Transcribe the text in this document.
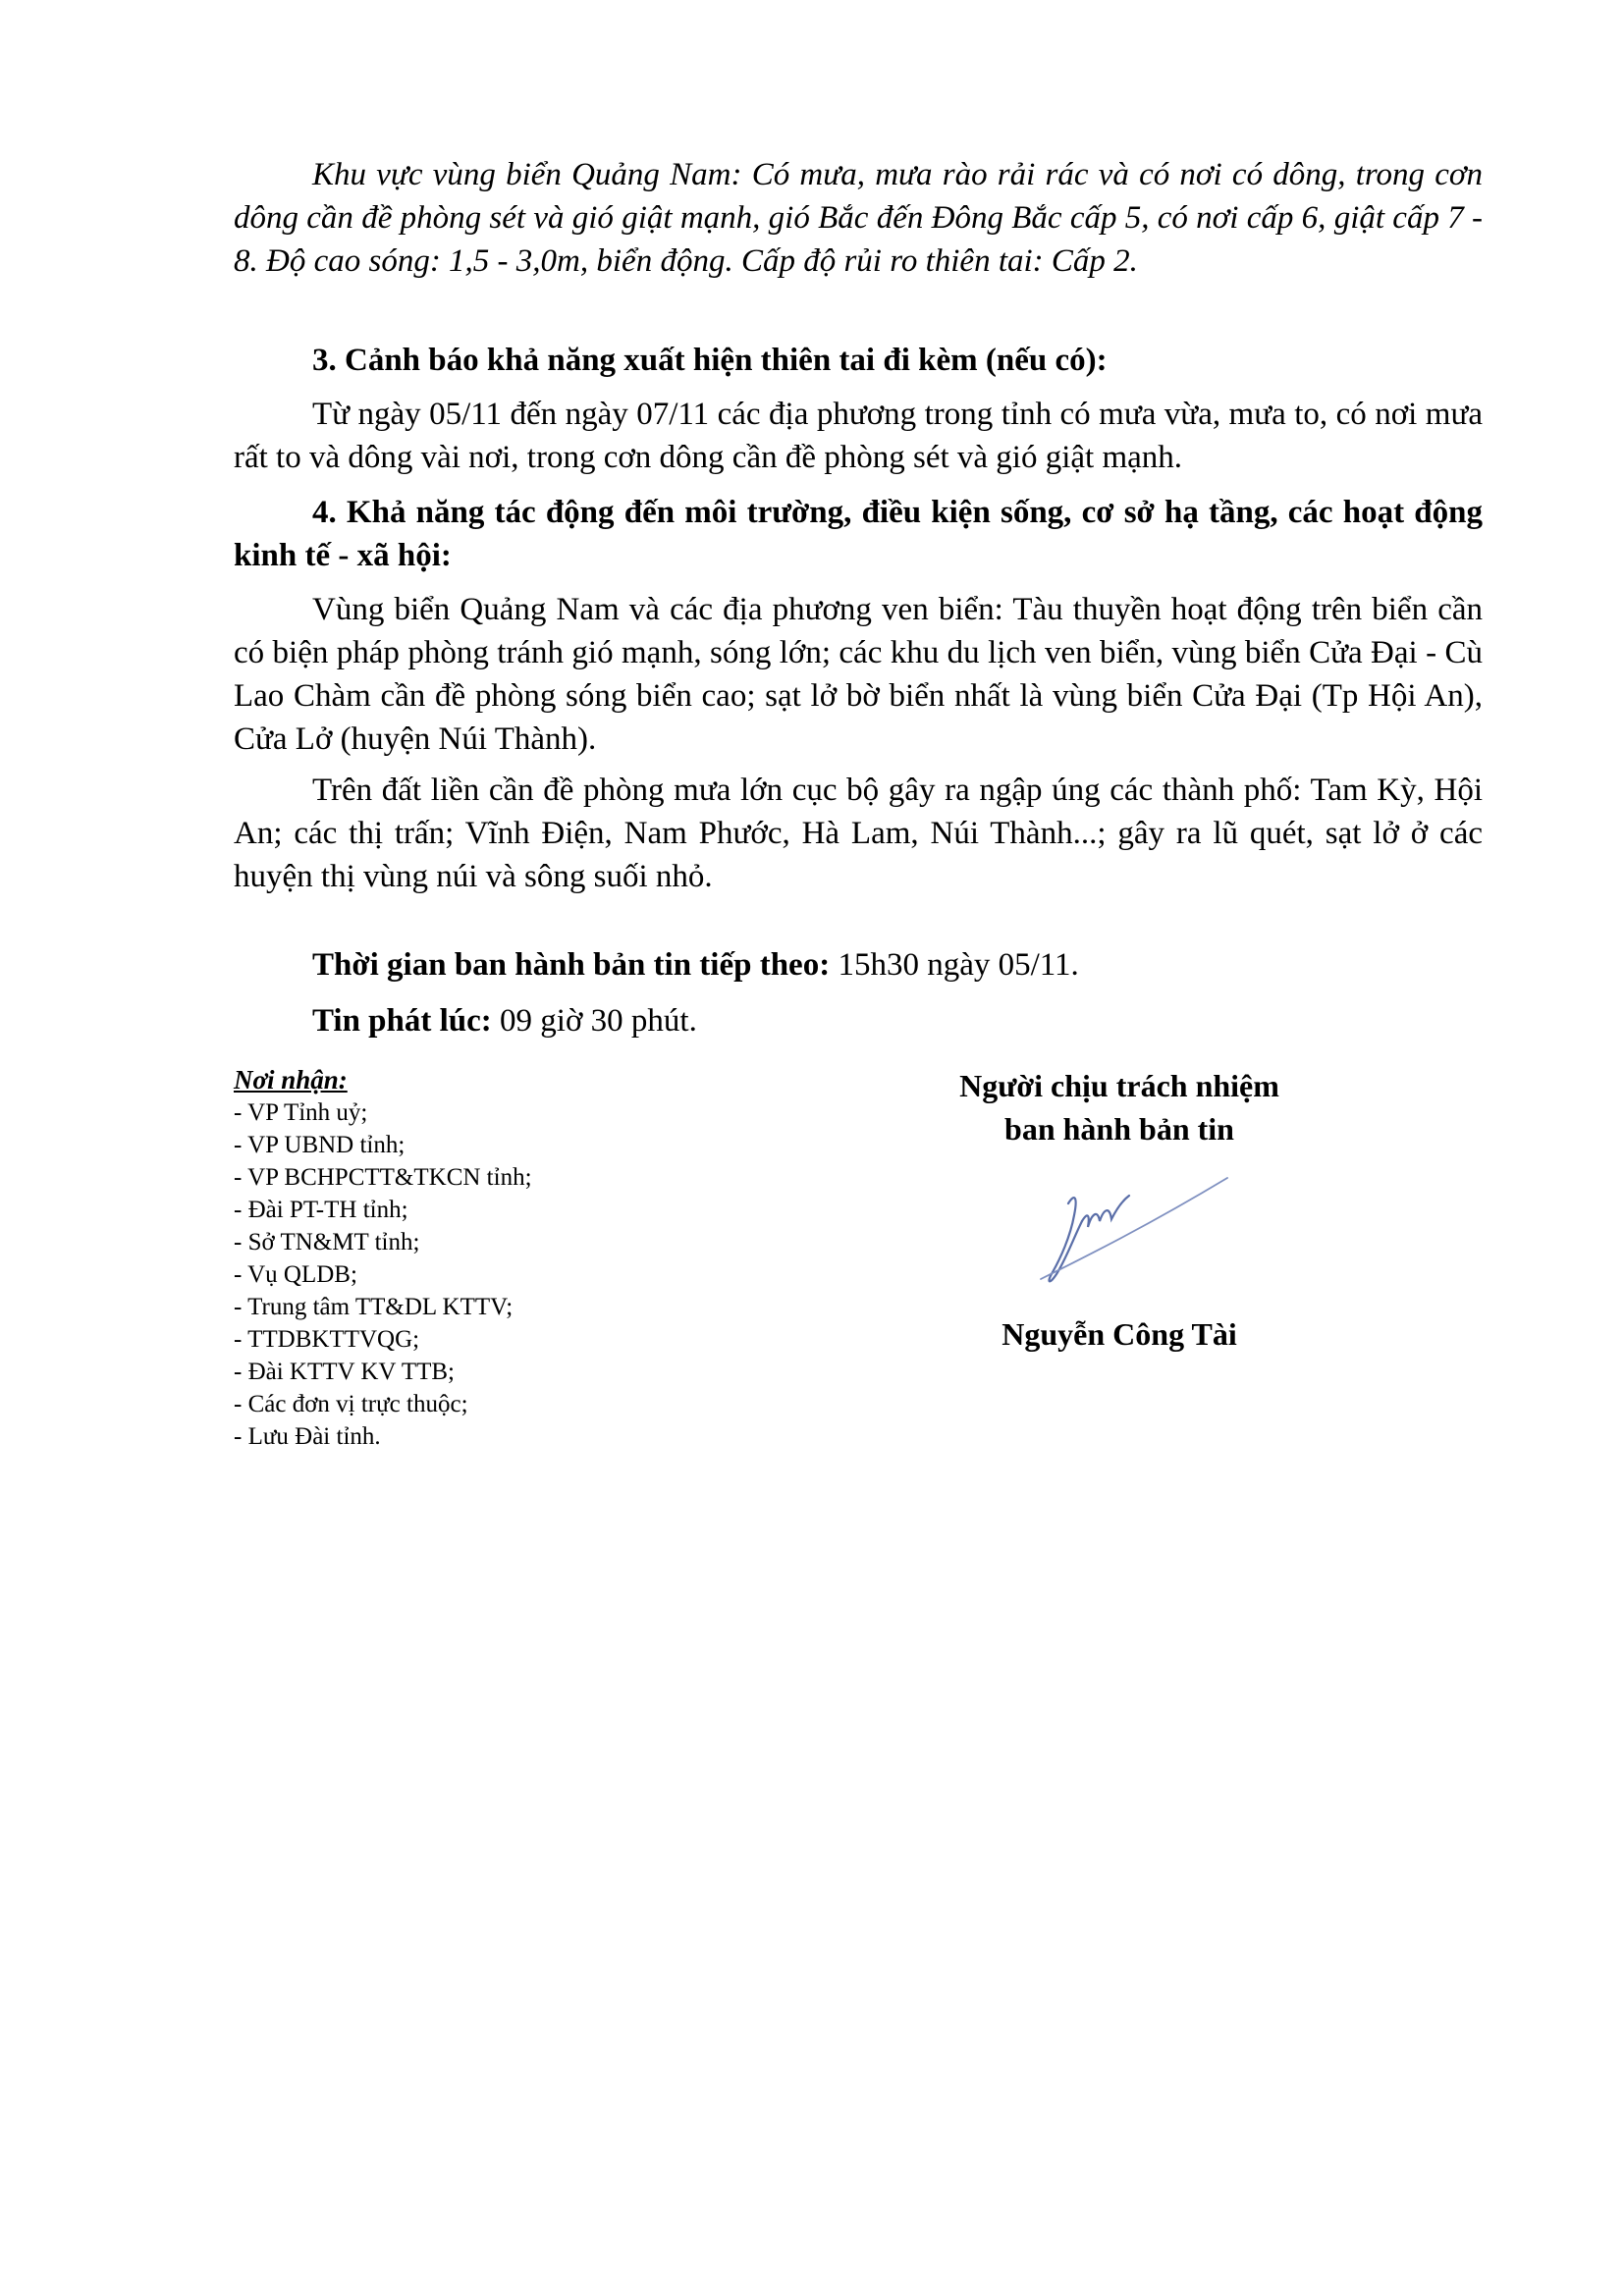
Khu vực vùng biển Quảng Nam: Có mưa, mưa rào rải rác và có nơi có dông, trong cơn dông cần đề phòng sét và gió giật mạnh, gió Bắc đến Đông Bắc cấp 5, có nơi cấp 6, giật cấp 7 - 8. Độ cao sóng: 1,5 - 3,0m, biển động. Cấp độ rủi ro thiên tai: Cấp 2.

3. Cảnh báo khả năng xuất hiện thiên tai đi kèm (nếu có):

Từ ngày 05/11 đến ngày 07/11 các địa phương trong tỉnh có mưa vừa, mưa to, có nơi mưa rất to và dông vài nơi, trong cơn dông cần đề phòng sét và gió giật mạnh.

4. Khả năng tác động đến môi trường, điều kiện sống, cơ sở hạ tầng, các hoạt động kinh tế - xã hội:

Vùng biển Quảng Nam và các địa phương ven biển: Tàu thuyền hoạt động trên biển cần có biện pháp phòng tránh gió mạnh, sóng lớn; các khu du lịch ven biển, vùng biển Cửa Đại - Cù Lao Chàm cần đề phòng sóng biển cao; sạt lở bờ biển nhất là vùng biển Cửa Đại (Tp Hội An), Cửa Lở (huyện Núi Thành).

Trên đất liền cần đề phòng mưa lớn cục bộ gây ra ngập úng các thành phố: Tam Kỳ, Hội An; các thị trấn; Vĩnh Điện, Nam Phước, Hà Lam, Núi Thành...; gây ra lũ quét, sạt lở ở các huyện thị vùng núi và sông suối nhỏ.

Thời gian ban hành bản tin tiếp theo: 15h30 ngày 05/11.

Tin phát lúc: 09 giờ 30 phút.

Nơi nhận:
- VP Tỉnh uỷ;
- VP UBND tỉnh;
- VP BCHPCTT&TKCN tỉnh;
- Đài PT-TH tỉnh;
- Sở TN&MT tỉnh;
- Vụ QLDB;
- Trung tâm TT&DL KTTV;
- TTDBKTTVQG;
- Đài KTTV KV TTB;
- Các đơn vị trực thuộc;
- Lưu Đài tỉnh.
Người chịu trách nhiệm
ban hành bản tin
Nguyễn Công Tài
